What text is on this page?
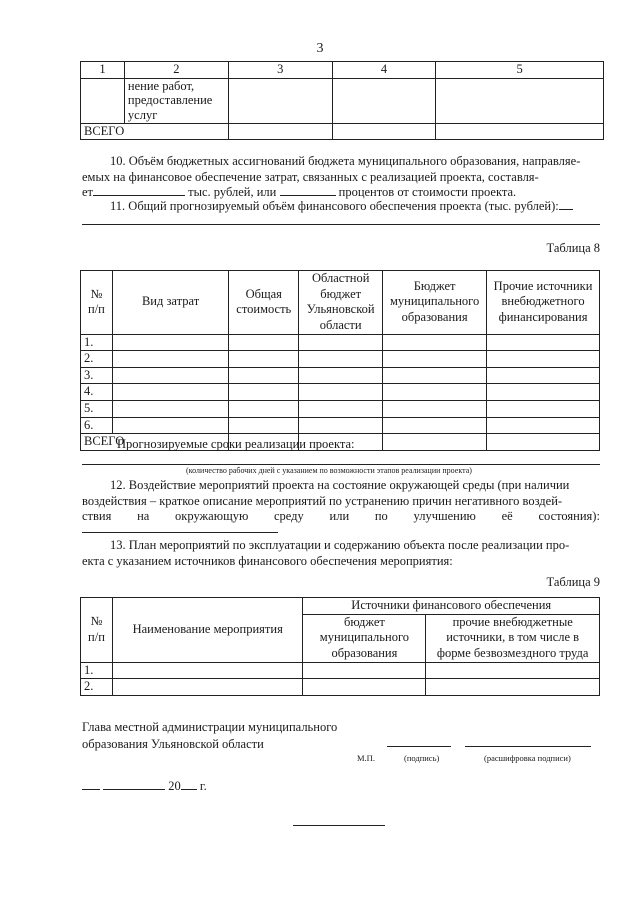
3
1	2	3	4	5

	нение работ,
предоставление
услуг			

ВСЕГО				
10. Объём бюджетных ассигнований бюджета муниципального образования, направляе-
емых на финансовое обеспечение затрат, связанных с реализацией проекта, составля-
ет	тыс. рублей, или	процентов от стоимости проекта.
11. Общий прогнозируемый объём финансового обеспечения проекта (тыс. рублей):
Таблица 8
№ п/п	Вид затрат	Общая стоимость	Областной бюджет Ульяновской области	Бюджет муниципального образования	Прочие источники внебюджетного финансирования
1.					
2.					
3.					
4.					
5.					
6.					
ВСЕГО					
Прогнозируемые сроки реализации проекта:
(количество рабочих дней с указанием по возможности этапов реализации проекта)
12. Воздействие мероприятий проекта на состояние окружающей среды (при наличии
воздействия – краткое описание мероприятий по устранению причин негативного воздей-
ствия на окружающую среду или по улучшению её состояния):
13. План мероприятий по эксплуатации и содержанию объекта после реализации про-
екта с указанием источников финансового обеспечения мероприятия:
Таблица 9
№ п/п	Наименование мероприятия	Источники финансового обеспечения	
		бюджет муниципального образования	прочие внебюджетные источники, в том числе в форме безвозмездного труда
1.			
2.			
Глава местной администрации муниципального
образования Ульяновской области
М.П.	(подпись)	(расшифровка подписи)
20 г.
